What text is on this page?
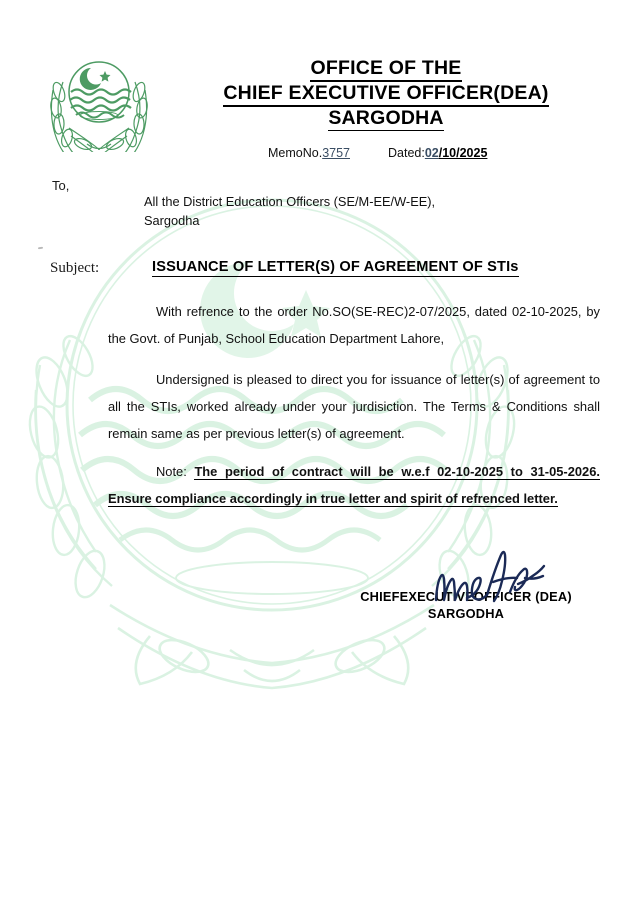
OFFICE OF THE
CHIEF EXECUTIVE OFFICER(DEA)
SARGODHA
MemoNo.3757	Dated:02/10/2025
To,
All the District Education Officers (SE/M-EE/W-EE),
Sargodha
Subject:	ISSUANCE OF LETTER(S) OF AGREEMENT OF STIs
With refrence to the order No.SO(SE-REC)2-07/2025, dated 02-10-2025, by the Govt. of Punjab, School Education Department Lahore,
Undersigned is pleased to direct you for issuance of letter(s) of agreement to all the STIs, worked already under your jurdisiction. The Terms & Conditions shall remain same as per previous letter(s) of agreement.
Note: The period of contract will be w.e.f 02-10-2025 to 31-05-2026. Ensure compliance accordingly in true letter and spirit of refrenced letter.
CHIEFEXECUTIVEOFFICER (DEA)
SARGODHA
